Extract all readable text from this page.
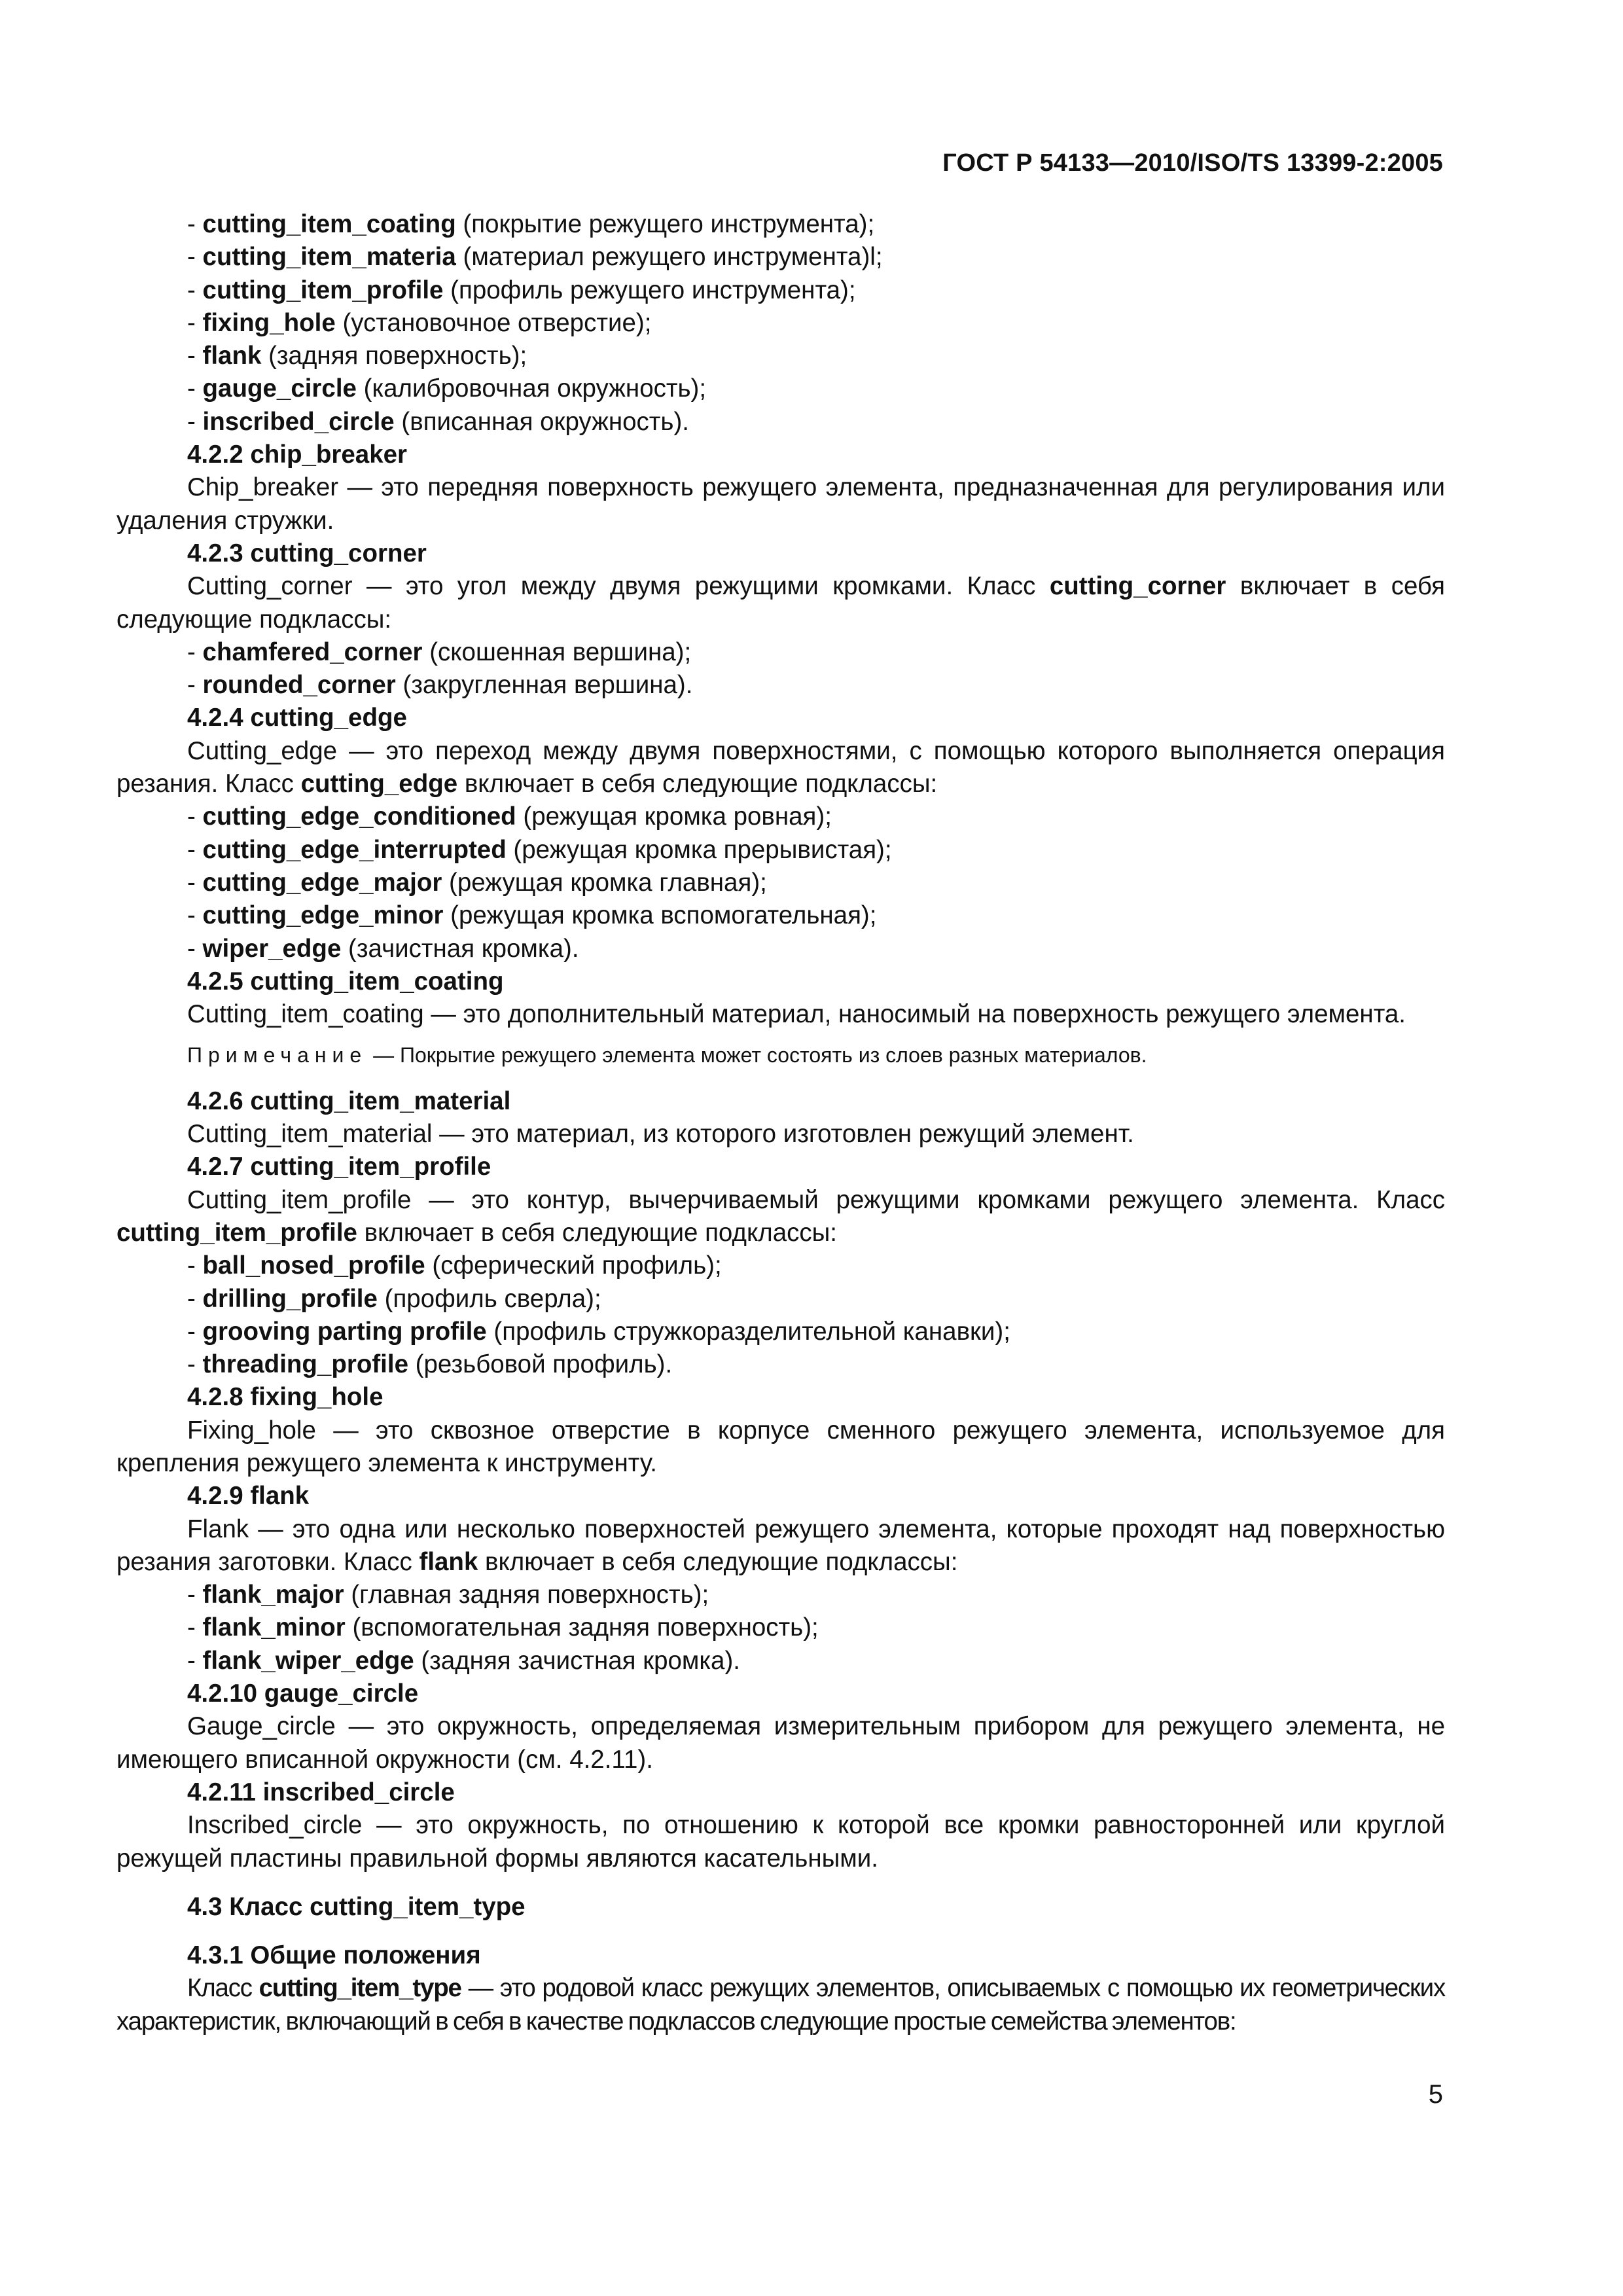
ГОСТ Р 54133—2010/ISO/TS 13399-2:2005

- cutting_item_coating (покрытие режущего инструмента);

- cutting_item_materia (материал режущего инструмента)l;

- cutting_item_profile (профиль режущего инструмента);

- fixing_hole (установочное отверстие);

- flank (задняя поверхность);

- gauge_circle (калибровочная окружность);

- inscribed_circle (вписанная окружность).

4.2.2 chip_breaker

Chip_breaker — это передняя поверхность режущего элемента, предназначенная для регулирования или удаления стружки.

4.2.3 cutting_corner

Cutting_corner — это угол между двумя режущими кромками. Класс cutting_corner включает в себя следующие подклассы:

- chamfered_corner (скошенная вершина);

- rounded_corner (закругленная вершина).

4.2.4 cutting_edge

Cutting_edge — это переход между двумя поверхностями, с помощью которого выполняется операция резания. Класс cutting_edge включает в себя следующие подклассы:

- cutting_edge_conditioned (режущая кромка ровная);

- cutting_edge_interrupted (режущая кромка прерывистая);

- cutting_edge_major (режущая кромка главная);

- cutting_edge_minor (режущая кромка вспомогательная);

- wiper_edge (зачистная кромка).

4.2.5 cutting_item_coating

Cutting_item_coating — это дополнительный материал, наносимый на поверхность режущего элемента.

Примечание — Покрытие режущего элемента может состоять из слоев разных материалов.

4.2.6 cutting_item_material

Cutting_item_material — это материал, из которого изготовлен режущий элемент.

4.2.7 cutting_item_profile

Cutting_item_profile — это контур, вычерчиваемый режущими кромками режущего элемента. Класс cutting_item_profile включает в себя следующие подклассы:

- ball_nosed_profile (сферический профиль);

- drilling_profile (профиль сверла);

- grooving parting profile (профиль стружкоразделительной канавки);

- threading_profile (резьбовой профиль).

4.2.8 fixing_hole

Fixing_hole — это сквозное отверстие в корпусе сменного режущего элемента, используемое для крепления режущего элемента к инструменту.

4.2.9 flank

Flank — это одна или несколько поверхностей режущего элемента, которые проходят над поверхностью резания заготовки. Класс flank включает в себя следующие подклассы:

- flank_major (главная задняя поверхность);

- flank_minor (вспомогательная задняя поверхность);

- flank_wiper_edge (задняя зачистная кромка).

4.2.10 gauge_circle

Gauge_circle — это окружность, определяемая измерительным прибором для режущего элемента, не имеющего вписанной окружности (см. 4.2.11).

4.2.11 inscribed_circle

Inscribed_circle — это окружность, по отношению к которой все кромки равносторонней или круглой режущей пластины правильной формы являются касательными.

4.3 Класс cutting_item_type

4.3.1 Общие положения

Класс cutting_item_type — это родовой класс режущих элементов, описываемых с помощью их геометрических характеристик, включающий в себя в качестве подклассов следующие простые семейства элементов:

5
